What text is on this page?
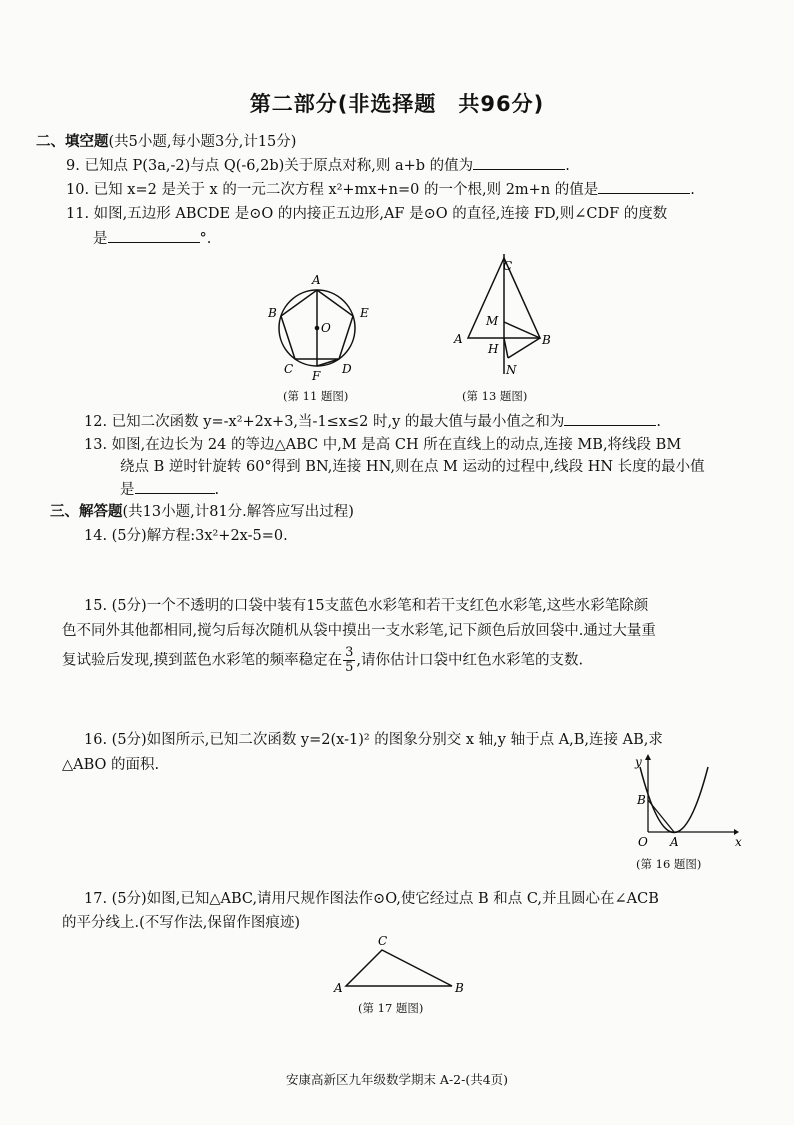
第二部分(非选择题　共96分)
二、填空题(共5小题,每小题3分,计15分)
9. 已知点 P(3a,-2)与点 Q(-6,2b)关于原点对称,则 a+b 的值为	.
10. 已知 x=2 是关于 x 的一元二次方程 x²+mx+n=0 的一个根,则 2m+n 的值是	.
11. 如图,五边形 ABCDE 是⊙O 的内接正五边形,AF 是⊙O 的直径,连接 FD,则∠CDF 的度数
是	°.
A
B	E
O
C	D
F
(第 11 题图)
C
M
A	B
H
N
(第 13 题图)
12. 已知二次函数 y=-x²+2x+3,当-1≤x≤2 时,y 的最大值与最小值之和为	.
13. 如图,在边长为 24 的等边△ABC 中,M 是高 CH 所在直线上的动点,连接 MB,将线段 BM
绕点 B 逆时针旋转 60°得到 BN,连接 HN,则在点 M 运动的过程中,线段 HN 长度的最小值
是	.
三、解答题(共13小题,计81分.解答应写出过程)
14. (5分)解方程:3x²+2x-5=0.
15. (5分)一个不透明的口袋中装有15支蓝色水彩笔和若干支红色水彩笔,这些水彩笔除颜
色不同外其他都相同,搅匀后每次随机从袋中摸出一支水彩笔,记下颜色后放回袋中.通过大量重
复试验后发现,摸到蓝色水彩笔的频率稳定在 $\frac{3}{5}$ ,请你估计口袋中红色水彩笔的支数.
16. (5分)如图所示,已知二次函数 y=2(x-1)² 的图象分别交 x 轴,y 轴于点 A,B,连接 AB,求
△ABO 的面积.	y
x
B
O A
(第 16 题图)
17. (5分)如图,已知△ABC,请用尺规作图法作⊙O,使它经过点 B 和点 C,并且圆心在∠ACB
的平分线上.(不写作法,保留作图痕迹)
C
A	B
(第 17 题图)
安康高新区九年级数学期末 A-2-(共4页)
